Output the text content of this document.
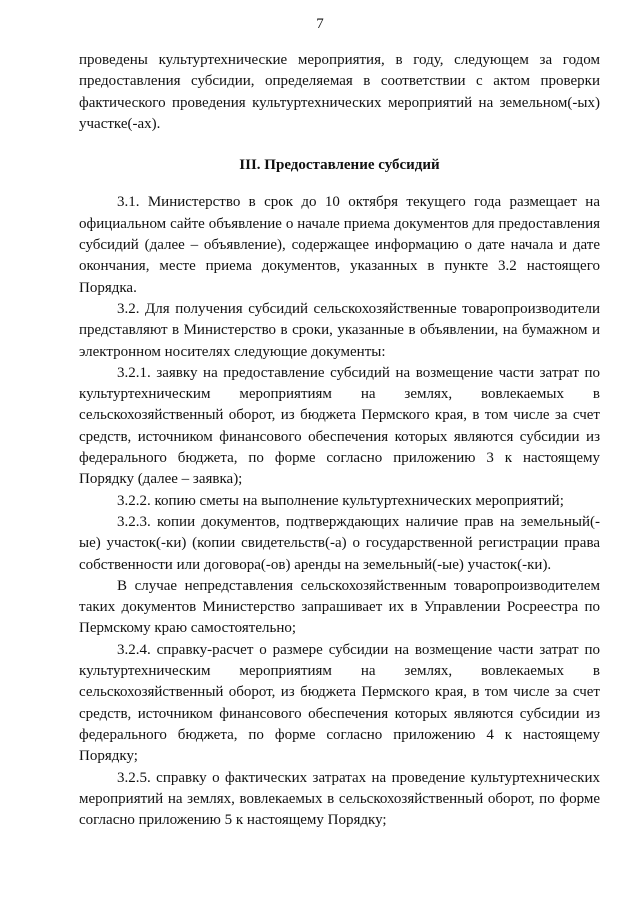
7

проведены культуртехнические мероприятия, в году, следующем за годом предоставления субсидии, определяемая в соответствии с актом проверки фактического проведения культуртехнических мероприятий на земельном(-ых) участке(-ах).

III. Предоставление субсидий

3.1. Министерство в срок до 10 октября текущего года размещает на официальном сайте объявление о начале приема документов для предоставления субсидий (далее – объявление), содержащее информацию о дате начала и дате окончания, месте приема документов, указанных в пункте 3.2 настоящего Порядка.

3.2. Для получения субсидий сельскохозяйственные товаропроизводители представляют в Министерство в сроки, указанные в объявлении, на бумажном и электронном носителях следующие документы:

3.2.1. заявку на предоставление субсидий на возмещение части затрат по культуртехническим мероприятиям на землях, вовлекаемых в сельскохозяйственный оборот, из бюджета Пермского края, в том числе за счет средств, источником финансового обеспечения которых являются субсидии из федерального бюджета, по форме согласно приложению 3 к настоящему Порядку (далее – заявка);

3.2.2. копию сметы на выполнение культуртехнических мероприятий;

3.2.3. копии документов, подтверждающих наличие прав на земельный(-ые) участок(-ки) (копии свидетельств(-а) о государственной регистрации права собственности или договора(-ов) аренды на земельный(-ые) участок(-ки).

В случае непредставления сельскохозяйственным товаропроизводителем таких документов Министерство запрашивает их в Управлении Росреестра по Пермскому краю самостоятельно;

3.2.4. справку-расчет о размере субсидии на возмещение части затрат по культуртехническим мероприятиям на землях, вовлекаемых в сельскохозяйственный оборот, из бюджета Пермского края, в том числе за счет средств, источником финансового обеспечения которых являются субсидии из федерального бюджета, по форме согласно приложению 4 к настоящему Порядку;

3.2.5. справку о фактических затратах на проведение культуртехнических мероприятий на землях, вовлекаемых в сельскохозяйственный оборот, по форме согласно приложению 5 к настоящему Порядку;
